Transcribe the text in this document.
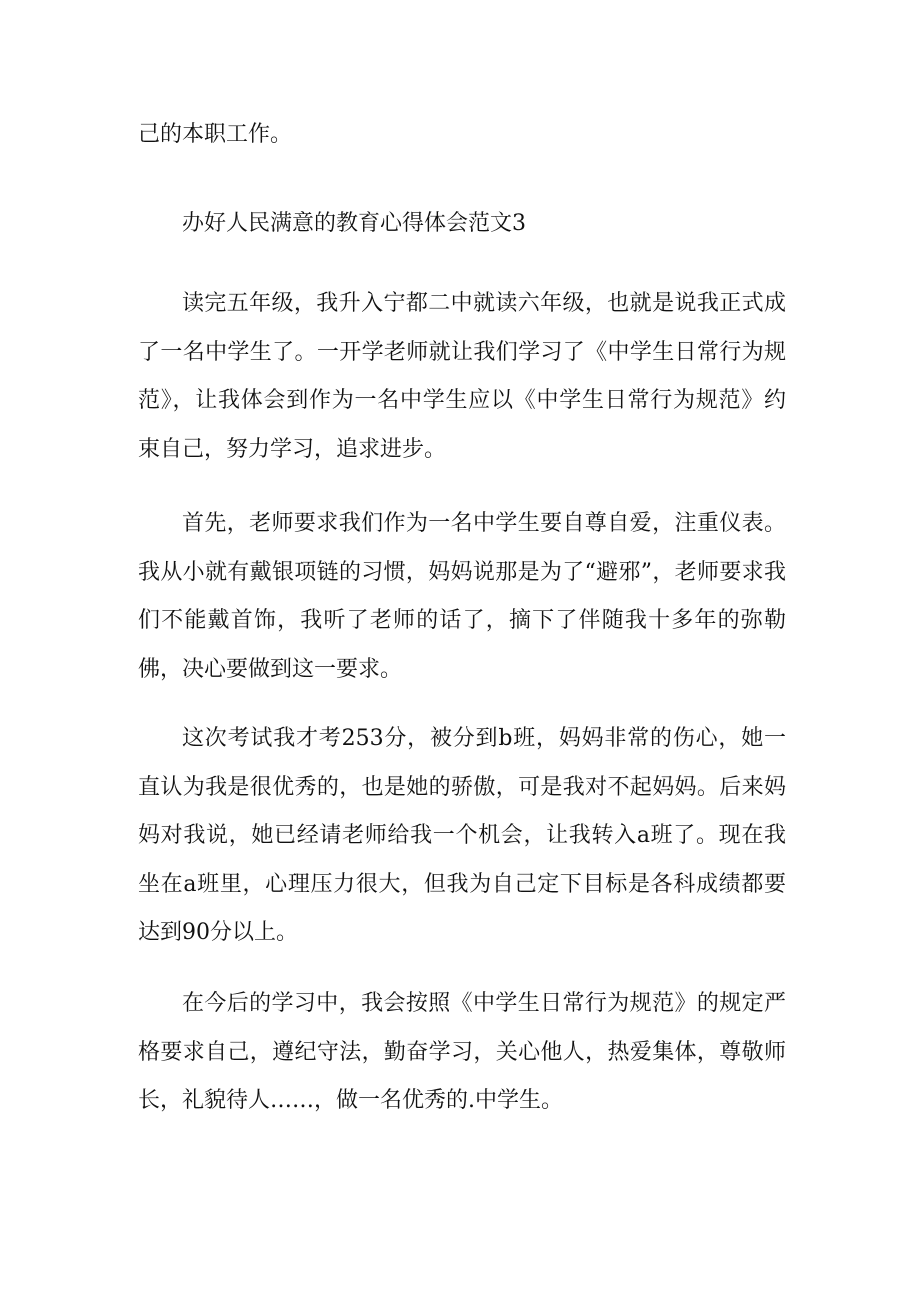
己的本职工作。

办好人民满意的教育心得体会范文3

读完五年级，我升入宁都二中就读六年级，也就是说我正式成了一名中学生了。一开学老师就让我们学习了《中学生日常行为规范》，让我体会到作为一名中学生应以《中学生日常行为规范》约束自己，努力学习，追求进步。

首先，老师要求我们作为一名中学生要自尊自爱，注重仪表。我从小就有戴银项链的习惯，妈妈说那是为了“避邪”，老师要求我们不能戴首饰，我听了老师的话了，摘下了伴随我十多年的弥勒佛，决心要做到这一要求。

这次考试我才考253分，被分到b班，妈妈非常的伤心，她一直认为我是很优秀的，也是她的骄傲，可是我对不起妈妈。后来妈妈对我说，她已经请老师给我一个机会，让我转入a班了。现在我坐在a班里，心理压力很大，但我为自己定下目标是各科成绩都要达到90分以上。

在今后的学习中，我会按照《中学生日常行为规范》的规定严格要求自己，遵纪守法，勤奋学习，关心他人，热爱集体，尊敬师长，礼貌待人……，做一名优秀的.中学生。
